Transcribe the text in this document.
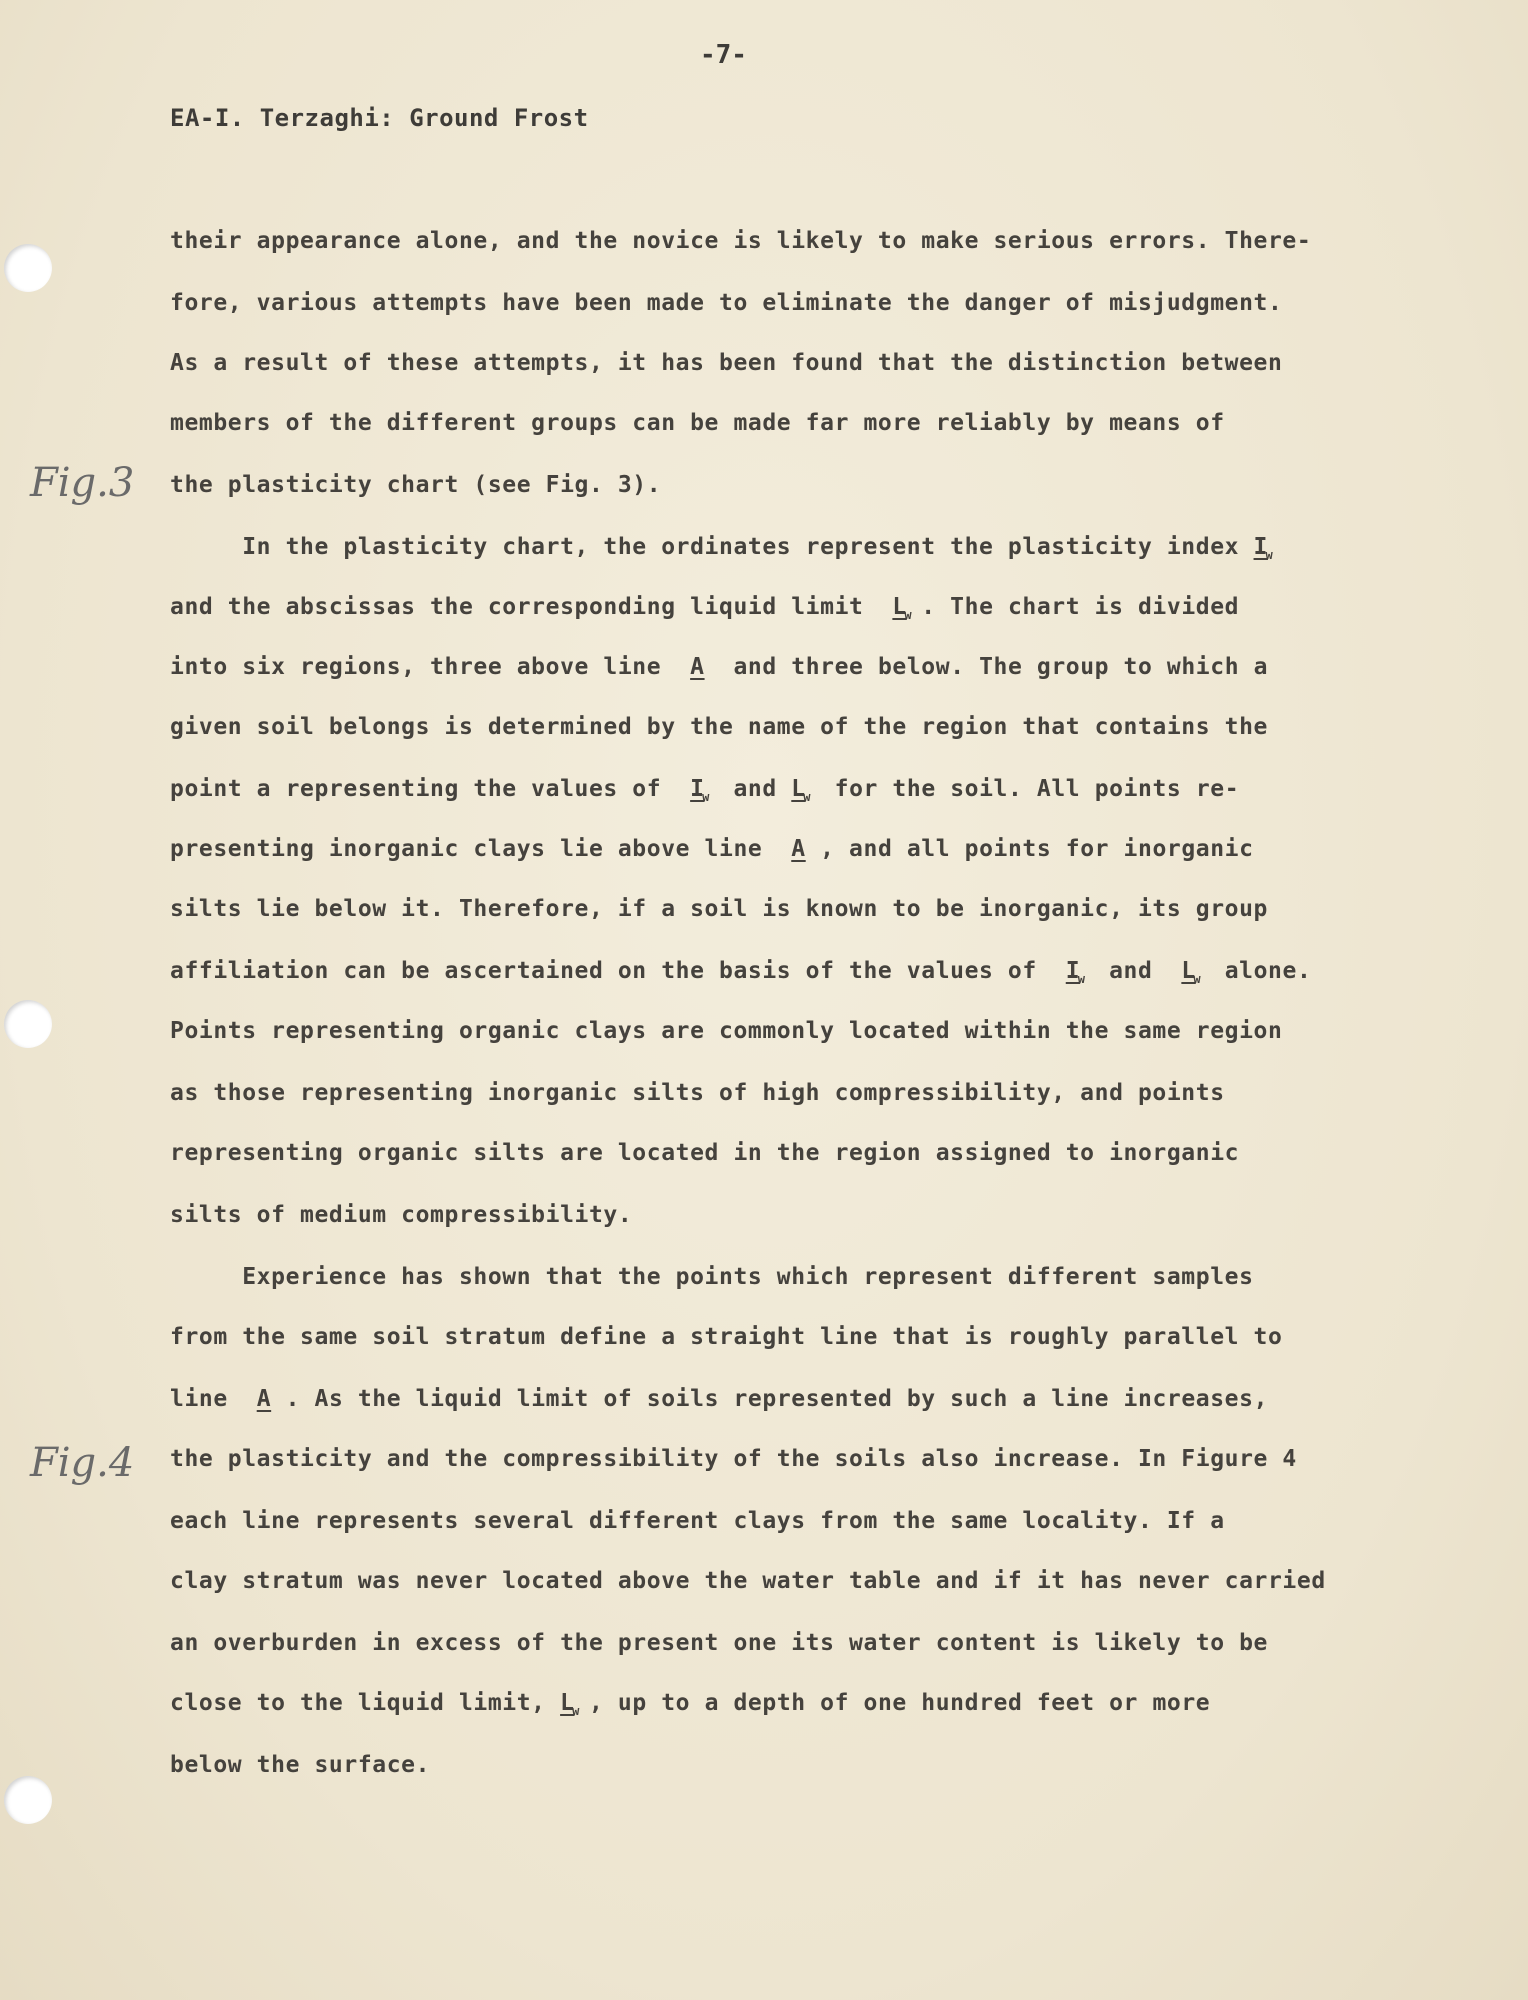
-7-
EA-I. Terzaghi: Ground Frost
Fig.3
Fig.4
their appearance alone, and the novice is likely to make serious errors. There-
fore, various attempts have been made to eliminate the danger of misjudgment.
As a result of these attempts, it has been found that the distinction between
members of the different groups can be made far more reliably by means of
the plasticity chart (see Fig. 3).
In the plasticity chart, the ordinates represent the plasticity index I
w
and the abscissas the corresponding liquid limit L
w . The chart is divided
into six regions, three above line A and three below. The group to which a
given soil belongs is determined by the name of the region that contains the
point a representing the values of I
w and L
w for the soil. All points re-
presenting inorganic clays lie above line A , and all points for inorganic
silts lie below it. Therefore, if a soil is known to be inorganic, its group
affiliation can be ascertained on the basis of the values of I
w and L
w alone.
Points representing organic clays are commonly located within the same region
as those representing inorganic silts of high compressibility, and points
representing organic silts are located in the region assigned to inorganic
silts of medium compressibility.
Experience has shown that the points which represent different samples
from the same soil stratum define a straight line that is roughly parallel to
line A . As the liquid limit of soils represented by such a line increases,
the plasticity and the compressibility of the soils also increase. In Figure 4
each line represents several different clays from the same locality. If a
clay stratum was never located above the water table and if it has never carried
an overburden in excess of the present one its water content is likely to be
close to the liquid limit, L
w , up to a depth of one hundred feet or more
below the surface.
